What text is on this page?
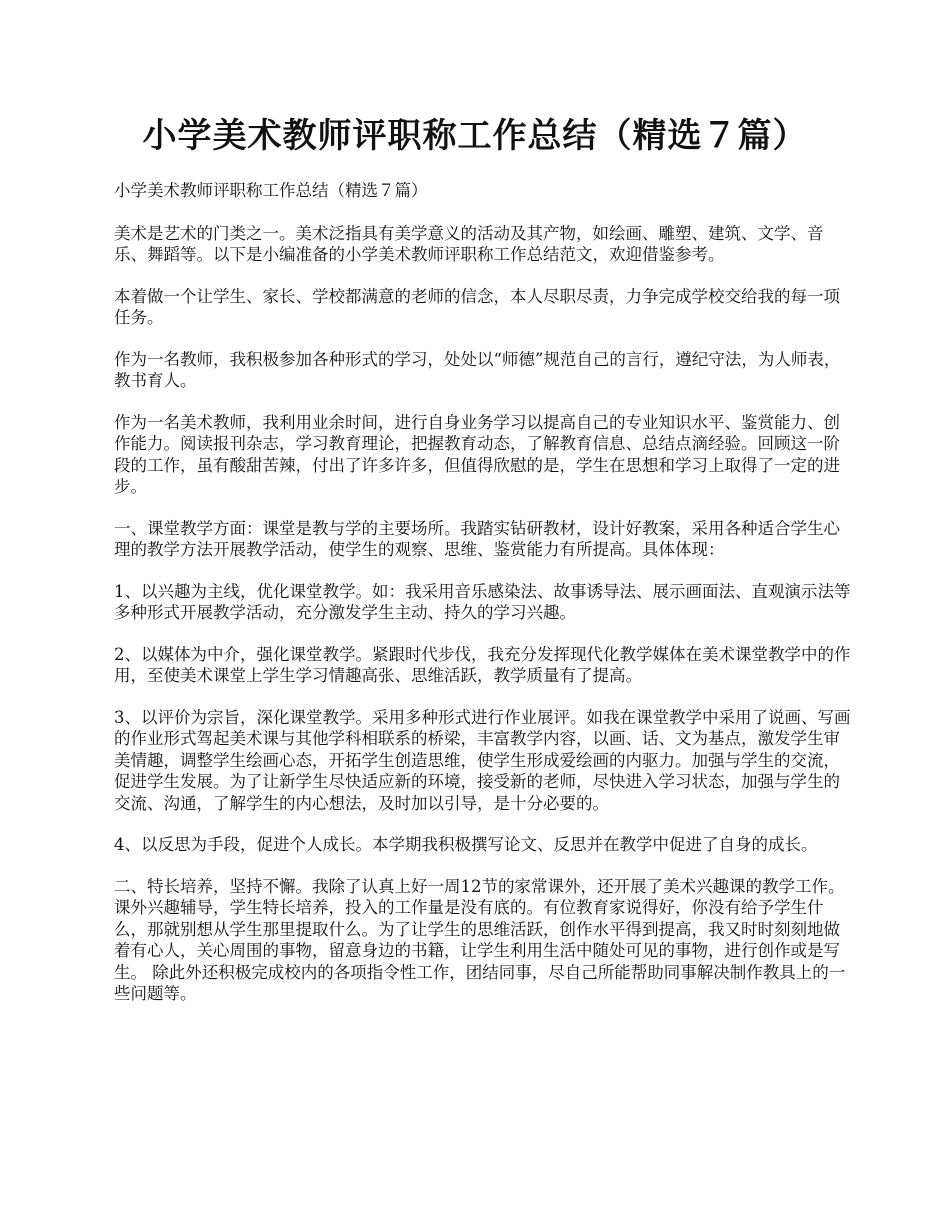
小学美术教师评职称工作总结（精选７篇）

小学美术教师评职称工作总结（精选７篇）

美术是艺术的门类之一。美术泛指具有美学意义的活动及其产物，如绘画、雕塑、建筑、文学、音乐、舞蹈等。以下是小编准备的小学美术教师评职称工作总结范文，欢迎借鉴参考。

本着做一个让学生、家长、学校都满意的老师的信念，本人尽职尽责，力争完成学校交给我的每一项任务。

作为一名教师，我积极参加各种形式的学习，处处以“师德”规范自己的言行，遵纪守法，为人师表，教书育人。

作为一名美术教师，我利用业余时间，进行自身业务学习以提高自己的专业知识水平、鉴赏能力、创作能力。阅读报刊杂志，学习教育理论，把握教育动态，了解教育信息、总结点滴经验。回顾这一阶段的工作，虽有酸甜苦辣，付出了许多许多，但值得欣慰的是，学生在思想和学习上取得了一定的进步。

一、课堂教学方面：课堂是教与学的主要场所。我踏实钻研教材，设计好教案，采用各种适合学生心理的教学方法开展教学活动，使学生的观察、思维、鉴赏能力有所提高。具体体现：

1、以兴趣为主线，优化课堂教学。如：我采用音乐感染法、故事诱导法、展示画面法、直观演示法等多种形式开展教学活动，充分激发学生主动、持久的学习兴趣。

2、以媒体为中介，强化课堂教学。紧跟时代步伐，我充分发挥现代化教学媒体在美术课堂教学中的作用，至使美术课堂上学生学习情趣高张、思维活跃，教学质量有了提高。

3、以评价为宗旨，深化课堂教学。采用多种形式进行作业展评。如我在课堂教学中采用了说画、写画的作业形式驾起美术课与其他学科相联系的桥梁，丰富教学内容，以画、话、文为基点，激发学生审美情趣，调整学生绘画心态，开拓学生创造思维，使学生形成爱绘画的内驱力。加强与学生的交流，促进学生发展。为了让新学生尽快适应新的环境，接受新的老师，尽快进入学习状态，加强与学生的交流、沟通，了解学生的内心想法，及时加以引导，是十分必要的。

4、以反思为手段，促进个人成长。本学期我积极撰写论文、反思并在教学中促进了自身的成长。

二、特长培养，坚持不懈。我除了认真上好一周12节的家常课外，还开展了美术兴趣课的教学工作。课外兴趣辅导，学生特长培养，投入的工作量是没有底的。有位教育家说得好，你没有给予学生什么，那就别想从学生那里提取什么。为了让学生的思维活跃，创作水平得到提高，我又时时刻刻地做着有心人，关心周围的事物，留意身边的书籍，让学生利用生活中随处可见的事物，进行创作或是写生。 除此外还积极完成校内的各项指令性工作，团结同事，尽自己所能帮助同事解决制作教具上的一些问题等。
